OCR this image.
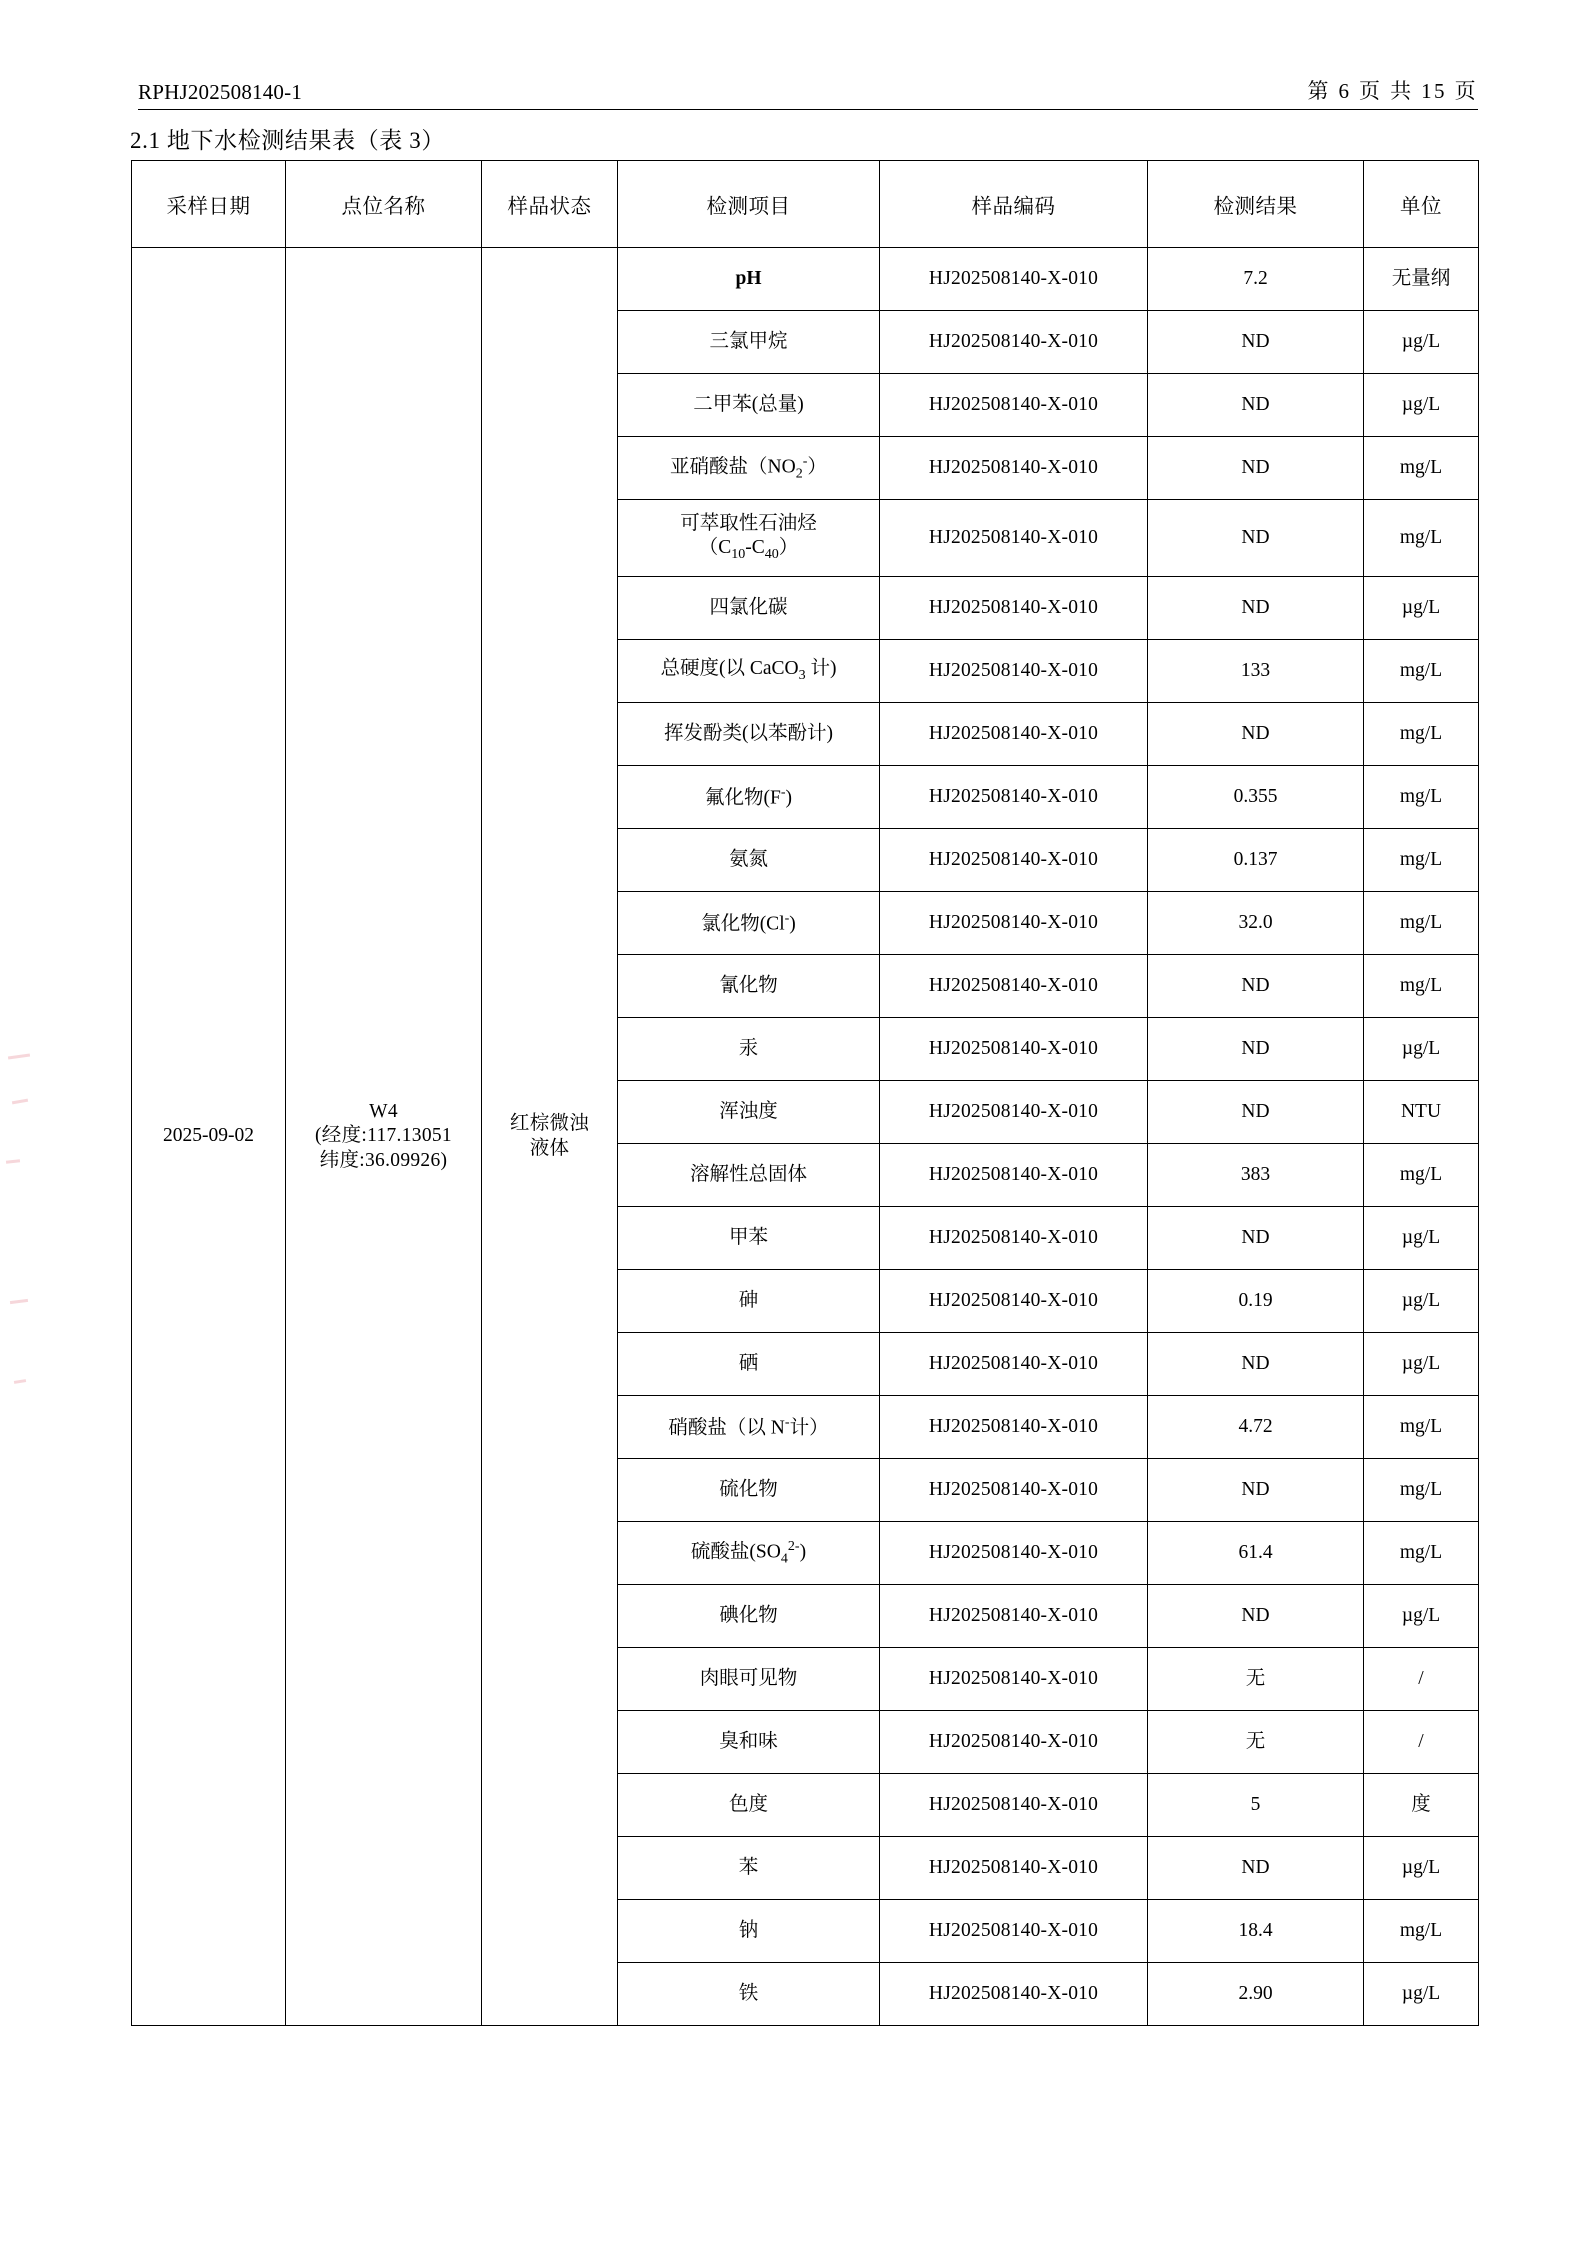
RPHJ202508140-1	第 6 页 共 15 页
2.1 地下水检测结果表（表 3）
采样日期	点位名称	样品状态	检测项目	样品编码	检测结果	单位
2025-09-02	W4
(经度:117.13051
纬度:36.09926)	红棕微浊
液体	pH	HJ202508140-X-010	7.2	无量纲
			三氯甲烷	HJ202508140-X-010	ND	µg/L
			二甲苯(总量)	HJ202508140-X-010	ND	µg/L
			亚硝酸盐$(NO_2^-)$	HJ202508140-X-010	ND	mg/L
			可萃取性石油烃
$(C_{10}-C_{40})$	HJ202508140-X-010	ND	mg/L
			四氯化碳	HJ202508140-X-010	ND	µg/L
			总硬度(以 CaCO$_3$ 计)	HJ202508140-X-010	133	mg/L
			挥发酚类(以苯酚计)	HJ202508140-X-010	ND	mg/L
			氟化物(F-)	HJ202508140-X-010	0.355	mg/L
			氨氮	HJ202508140-X-010	0.137	mg/L
			氯化物(Cl-)	HJ202508140-X-010	32.0	mg/L
			氰化物	HJ202508140-X-010	ND	mg/L
			汞	HJ202508140-X-010	ND	µg/L
			浑浊度	HJ202508140-X-010	ND	NTU
			溶解性总固体	HJ202508140-X-010	383	mg/L
			甲苯	HJ202508140-X-010	ND	µg/L
			砷	HJ202508140-X-010	0.19	µg/L
			硒	HJ202508140-X-010	ND	µg/L
			硝酸盐（以 N-计）	HJ202508140-X-010	4.72	mg/L
			硫化物	HJ202508140-X-010	ND	mg/L
			硫酸盐$(SO_4^{2-})$	HJ202508140-X-010	61.4	mg/L
			碘化物	HJ202508140-X-010	ND	µg/L
			肉眼可见物	HJ202508140-X-010	无	/
			臭和味	HJ202508140-X-010	无	/
			色度	HJ202508140-X-010	5	度
			苯	HJ202508140-X-010	ND	µg/L
			钠	HJ202508140-X-010	18.4	mg/L
			铁	HJ202508140-X-010	2.90	µg/L
